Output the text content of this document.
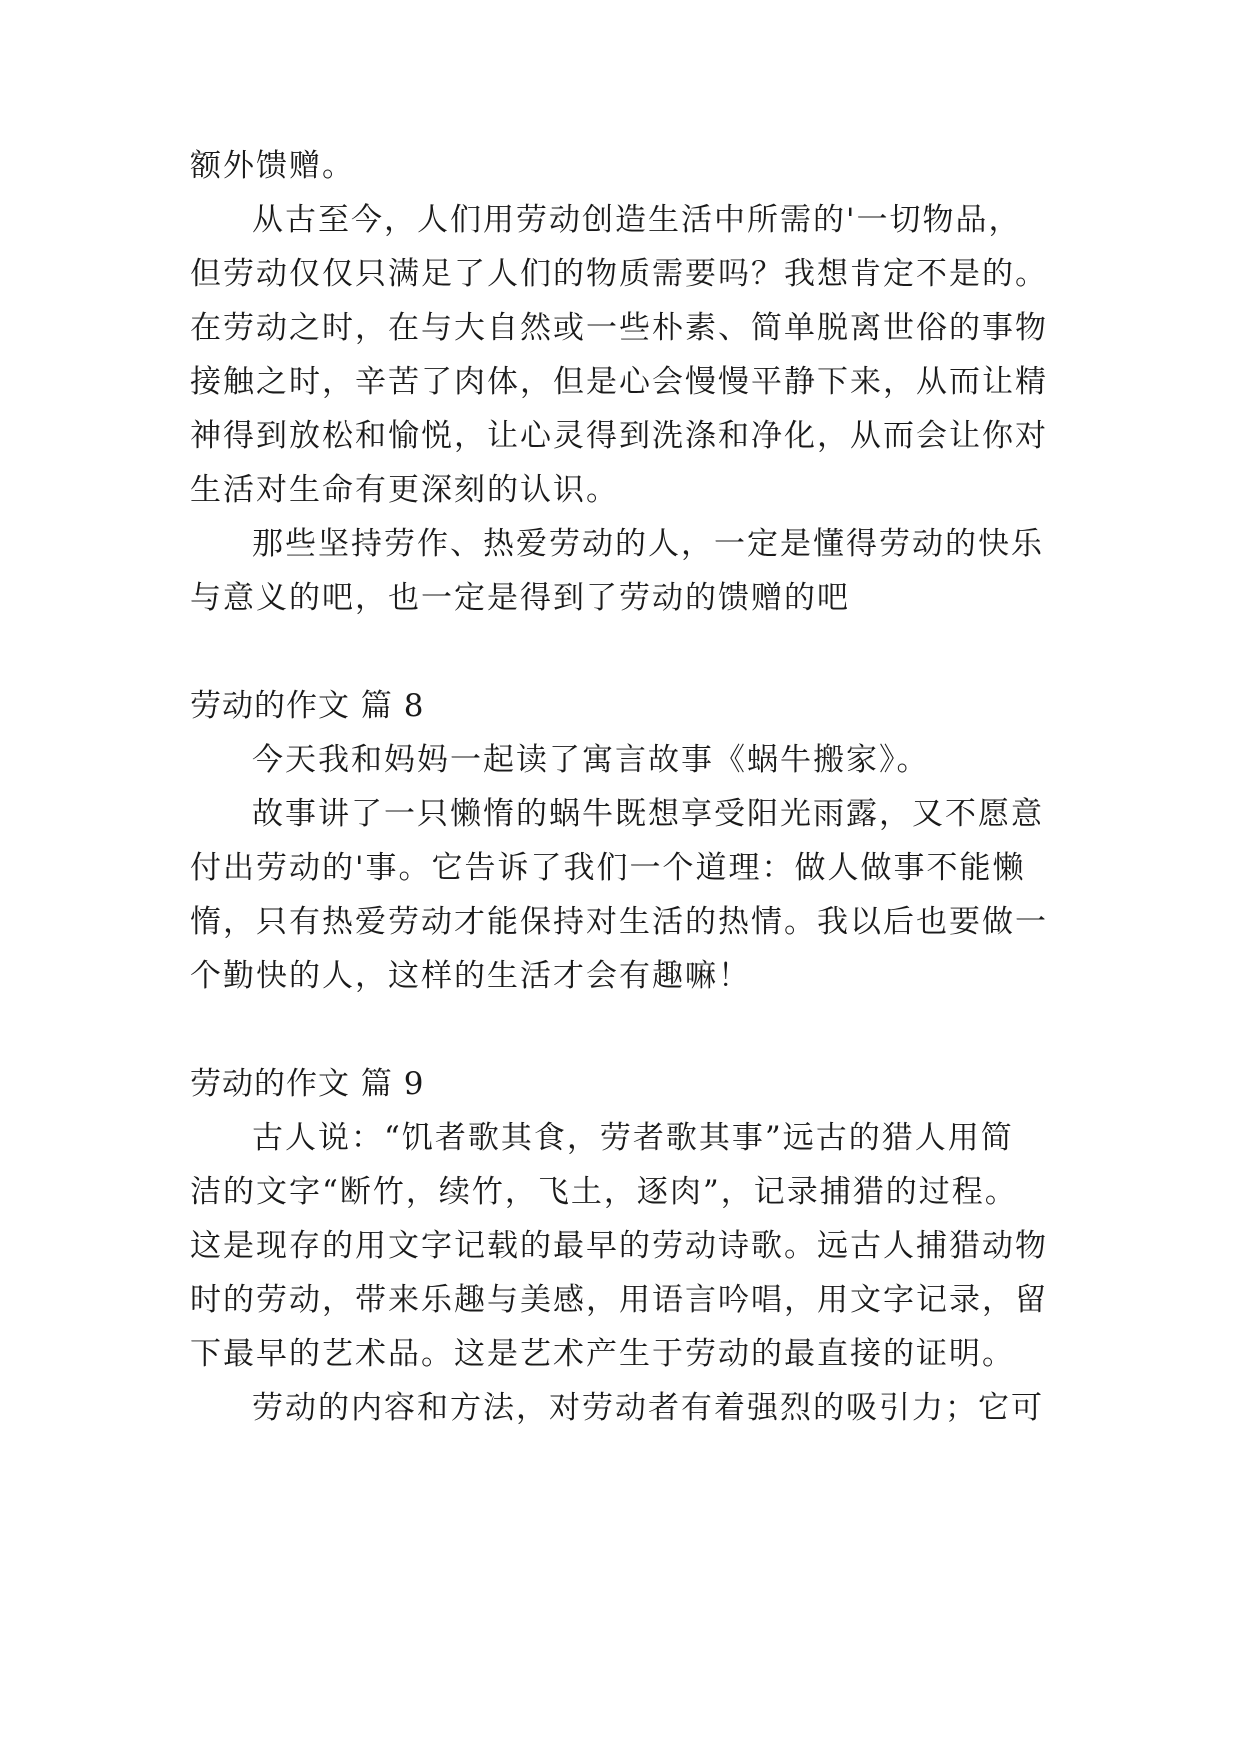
额外馈赠。
从古至今，人们用劳动创造生活中所需的'一切物品，
但劳动仅仅只满足了人们的物质需要吗？我想肯定不是的。
在劳动之时，在与大自然或一些朴素、简单脱离世俗的事物
接触之时，辛苦了肉体，但是心会慢慢平静下来，从而让精
神得到放松和愉悦，让心灵得到洗涤和净化，从而会让你对
生活对生命有更深刻的认识。
那些坚持劳作、热爱劳动的人，一定是懂得劳动的快乐
与意义的吧，也一定是得到了劳动的馈赠的吧
劳动的作文 篇 8
今天我和妈妈一起读了寓言故事《蜗牛搬家》。
故事讲了一只懒惰的蜗牛既想享受阳光雨露，又不愿意
付出劳动的'事。它告诉了我们一个道理：做人做事不能懒
惰，只有热爱劳动才能保持对生活的热情。我以后也要做一
个勤快的人，这样的生活才会有趣嘛！
劳动的作文 篇 9
古人说：“饥者歌其食，劳者歌其事”远古的猎人用简
洁的文字“断竹，续竹，飞土，逐肉”，记录捕猎的过程。
这是现存的用文字记载的最早的劳动诗歌。远古人捕猎动物
时的劳动，带来乐趣与美感，用语言吟唱，用文字记录，留
下最早的艺术品。这是艺术产生于劳动的最直接的证明。
劳动的内容和方法，对劳动者有着强烈的吸引力；它可
